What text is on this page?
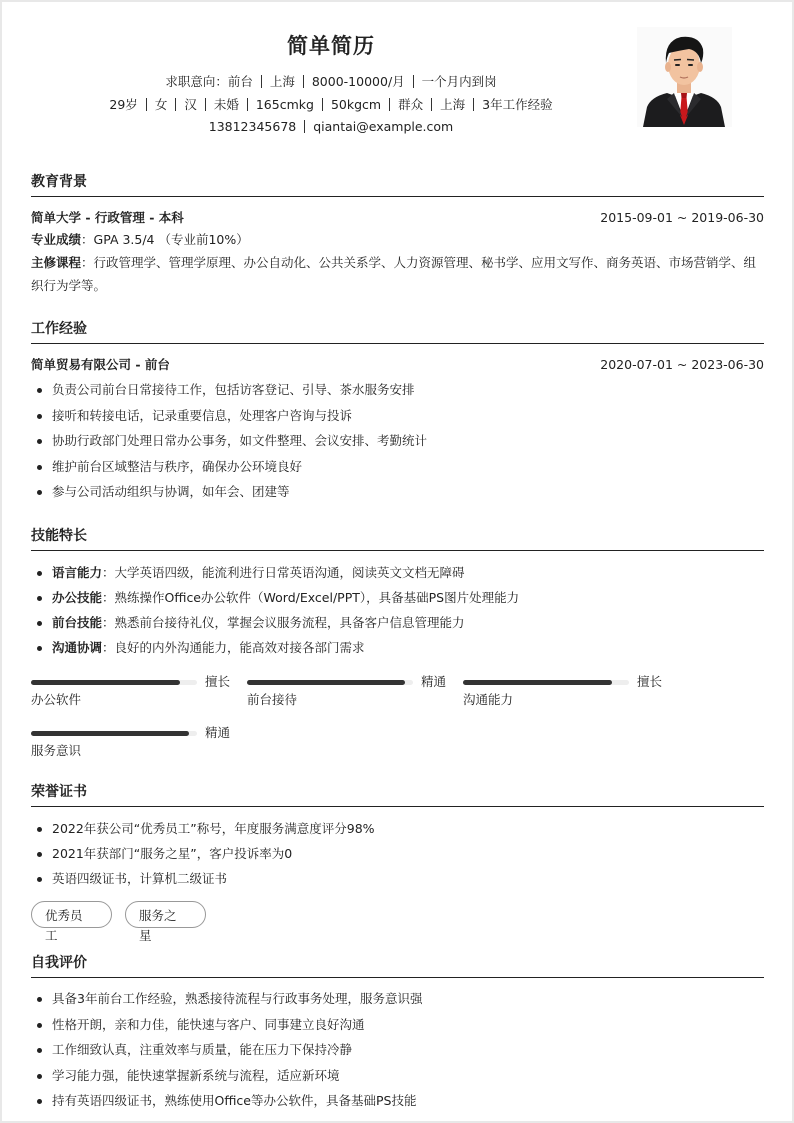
简单简历
求职意向：前台 上海 8000-10000/月 一个月内到岗
29岁 女 汉 未婚 165cmkg 50kgcm 群众 上海 3年工作经验
13812345678 qiantai@example.com
教育背景
简单大学 - 行政管理 - 本科	2015-09-01 ~ 2019-06-30
专业成绩：GPA 3.5/4 （专业前10%）
主修课程：行政管理学、管理学原理、办公自动化、公共关系学、人力资源管理、秘书学、应用文写作、商务英语、市场营销学、组织行为学等。
工作经验
简单贸易有限公司 - 前台	2020-07-01 ~ 2023-06-30
负责公司前台日常接待工作，包括访客登记、引导、茶水服务安排
接听和转接电话，记录重要信息，处理客户咨询与投诉
协助行政部门处理日常办公事务，如文件整理、会议安排、考勤统计
维护前台区域整洁与秩序，确保办公环境良好
参与公司活动组织与协调，如年会、团建等
技能特长
语言能力：大学英语四级，能流利进行日常英语沟通，阅读英文文档无障碍
办公技能：熟练操作Office办公软件（Word/Excel/PPT），具备基础PS图片处理能力
前台技能：熟悉前台接待礼仪，掌握会议服务流程，具备客户信息管理能力
沟通协调：良好的内外沟通能力，能高效对接各部门需求
擅长
办公软件
精通
前台接待
擅长
沟通能力
精通
服务意识
荣誉证书
2022年获公司“优秀员工”称号，年度服务满意度评分98%
2021年获部门“服务之星”，客户投诉率为0
英语四级证书，计算机二级证书
优秀员工
服务之星
自我评价
具备3年前台工作经验，熟悉接待流程与行政事务处理，服务意识强
性格开朗，亲和力佳，能快速与客户、同事建立良好沟通
工作细致认真，注重效率与质量，能在压力下保持冷静
学习能力强，能快速掌握新系统与流程，适应新环境
持有英语四级证书，熟练使用Office等办公软件，具备基础PS技能
